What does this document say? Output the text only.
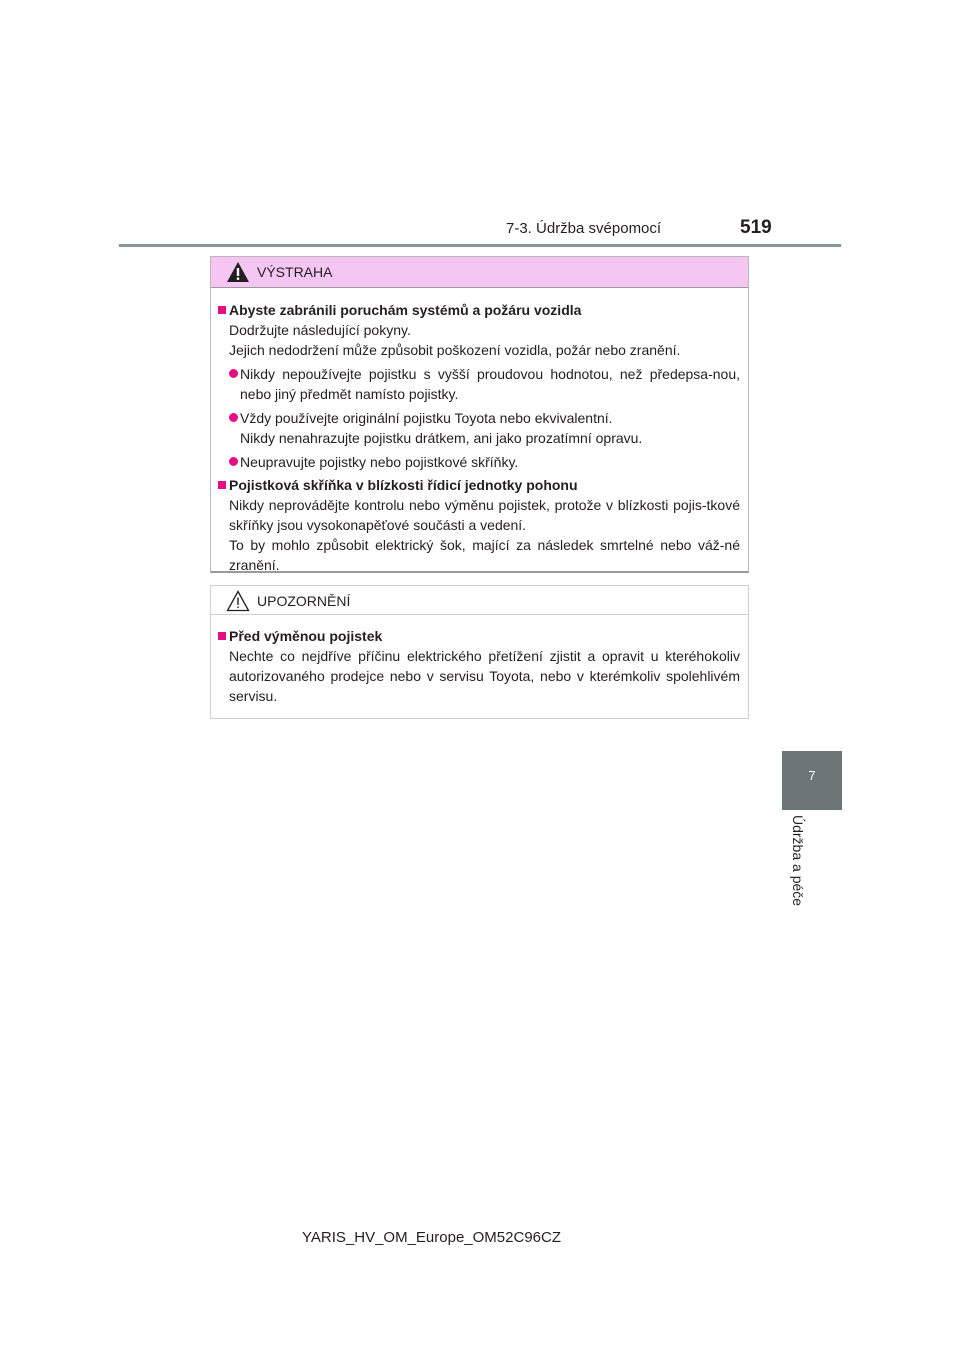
7-3. Údržba svépomocí	519
7
Údržba a péče
VÝSTRAHA
Abyste zabránili poruchám systémů a požáru vozidla
Dodržujte následující pokyny.
Jejich nedodržení může způsobit poškození vozidla, požár nebo zranění.
Nikdy nepoužívejte pojistku s vyšší proudovou hodnotou, než předepsa-nou, nebo jiný předmět namísto pojistky.
Vždy používejte originální pojistku Toyota nebo ekvivalentní.
Nikdy nenahrazujte pojistku drátkem, ani jako prozatímní opravu.
Neupravujte pojistky nebo pojistkové skříňky.
Pojistková skříňka v blízkosti řídicí jednotky pohonu
Nikdy neprovádějte kontrolu nebo výměnu pojistek, protože v blízkosti pojis-tkové skříňky jsou vysokonapěťové součásti a vedení.
To by mohlo způsobit elektrický šok, mající za následek smrtelné nebo váž-né zranění.
UPOZORNĚNÍ
Před výměnou pojistek
Nechte co nejdříve příčinu elektrického přetížení zjistit a opravit u kteréhokoliv autorizovaného prodejce nebo v servisu Toyota, nebo v kterémkoliv spolehlivém servisu.
YARIS_HV_OM_Europe_OM52C96CZ
